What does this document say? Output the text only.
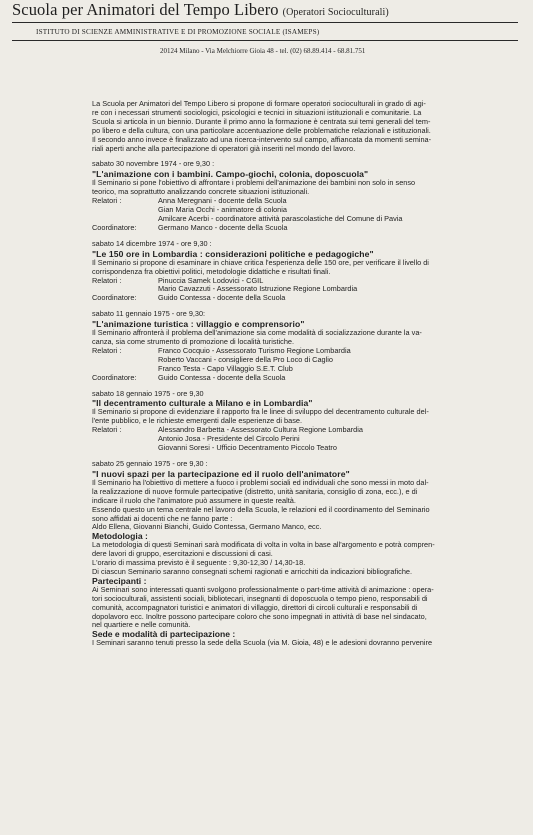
Scuola per Animatori del Tempo Libero (Operatori Socioculturali)
ISTITUTO DI SCIENZE AMMINISTRATIVE E DI PROMOZIONE SOCIALE (ISAMEPS)
20124 Milano - Via Melchiorre Gioia 48 - tel. (02) 68.89.414 - 68.81.751

La Scuola per Animatori del Tempo Libero si propone di formare operatori socioculturali in grado di agi-

re con i necessari strumenti sociologici, psicologici e tecnici in situazioni istituzionali e comunitarie. La

Scuola si articola in un biennio. Durante il primo anno la formazione è centrata sui temi generali del tem-

po libero e della cultura, con una particolare accentuazione delle problematiche relazionali e istituzionali.

Il secondo anno invece è finalizzato ad una ricerca-intervento sul campo, affiancata da momenti semina-

riali aperti anche alla partecipazione di operatori già inseriti nel mondo del lavoro.

sabato 30 novembre 1974 - ore 9,30 :

"L'animazione con i bambini. Campo-giochi, colonia, doposcuola"

Il Seminario si pone l'obiettivo di affrontare i problemi dell'animazione dei bambini non solo in senso

teorico, ma soprattutto analizzando concrete situazioni istituzionali.

Relatori :	Anna Meregnani - docente della Scuola
Gian Maria Occhi - animatore di colonia
Amilcare Acerbi - coordinatore attività parascolastiche del Comune di Pavia
Coordinatore:	Germano Manco - docente della Scuola

sabato 14 dicembre 1974 - ore 9,30 :

"Le 150 ore in Lombardia : considerazioni politiche e pedagogiche"

Il Seminario si propone di esaminare in chiave critica l'esperienza delle 150 ore, per verificare il livello di

corrispondenza fra obiettivi politici, metodologie didattiche e risultati finali.

Relatori :	Pinuccia Samek Lodovici - CGIL
Mario Cavazzuti - Assessorato Istruzione Regione Lombardia
Coordinatore:	Guido Contessa - docente della Scuola

sabato 11 gennaio 1975 - ore 9,30:

"L'animazione turistica : villaggio e comprensorio"

Il Seminario affronterà il problema dell'animazione sia come modalità di socializzazione durante la va-

canza, sia come strumento di promozione di località turistiche.

Relatori :	Franco Cocquio - Assessorato Turismo Regione Lombardia
Roberto Vaccani - consigliere della Pro Loco di Caglio
Franco Testa - Capo Villaggio S.E.T. Club
Coordinatore:	Guido Contessa - docente della Scuola

sabato 18 gennaio 1975 - ore 9,30

"Il decentramento culturale a Milano e in Lombardia"

Il Seminario si propone di evidenziare il rapporto fra le linee di sviluppo del decentramento culturale del-

l'ente pubblico, e le richieste emergenti dalle esperienze di base.

Relatori :	Alessandro Barbetta - Assessorato Cultura Regione Lombardia
Antonio Josa - Presidente del Circolo Perini
Giovanni Soresi - Ufficio Decentramento Piccolo Teatro

sabato 25 gennaio 1975 - ore 9,30 :

"I nuovi spazi per la partecipazione ed il ruolo dell'animatore"

Il Seminario ha l'obiettivo di mettere a fuoco i problemi sociali ed individuali che sono messi in moto dal-

la realizzazione di nuove formule partecipative (distretto, unità sanitaria, consiglio di zona, ecc.), e di

indicare il ruolo che l'animatore può assumere in queste realtà.

Essendo questo un tema centrale nel lavoro della Scuola, le relazioni ed il coordinamento del Seminario

sono affidati ai docenti che ne fanno parte :

Aldo Ellena, Giovanni Bianchi, Guido Contessa, Germano Manco, ecc.

Metodologia :

La metodologia di questi Seminari sarà modificata di volta in volta in base all'argomento e potrà compren-

dere lavori di gruppo, esercitazioni e discussioni di casi.

L'orario di massima previsto è il seguente : 9,30-12,30 / 14,30-18.

Di ciascun Seminario saranno consegnati schemi ragionati e arricchiti da indicazioni bibliografiche.

Partecipanti :

Ai Seminari sono interessati quanti svolgono professionalmente o part-time attività di animazione : opera-

tori socioculturali, assistenti sociali, bibliotecari, insegnanti di doposcuola o tempo pieno, responsabili di

comunità, accompagnatori turistici e animatori di villaggio, direttori di circoli culturali e responsabili di

dopolavoro ecc. Inoltre possono partecipare coloro che sono impegnati in attività di base nel sindacato,

nel quartiere e nelle comunità.

Sede e modalità di partecipazione :

I Seminari saranno tenuti presso la sede della Scuola (via M. Gioia, 48) e le adesioni dovranno pervenire
